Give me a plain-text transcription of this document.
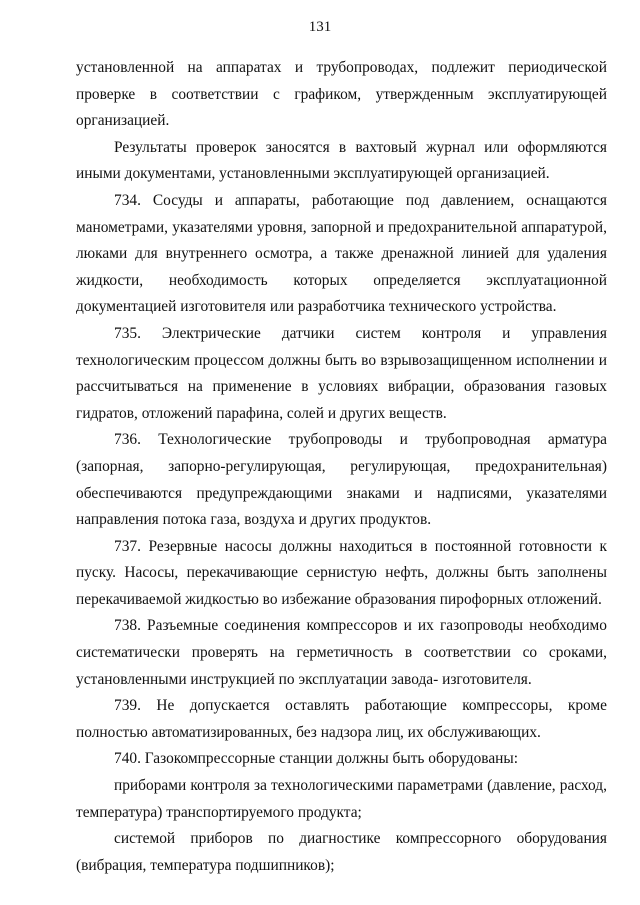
131

установленной на аппаратах и трубопроводах, подлежит периодической проверке в соответствии с графиком, утвержденным эксплуатирующей организацией.

Результаты проверок заносятся в вахтовый журнал или оформляются иными документами, установленными эксплуатирующей организацией.

734. Сосуды и аппараты, работающие под давлением, оснащаются манометрами, указателями уровня, запорной и предохранительной аппаратурой, люками для внутреннего осмотра, а также дренажной линией для удаления жидкости, необходимость которых определяется эксплуатационной документацией изготовителя или разработчика технического устройства.

735. Электрические датчики систем контроля и управления технологическим процессом должны быть во взрывозащищенном исполнении и рассчитываться на применение в условиях вибрации, образования газовых гидратов, отложений парафина, солей и других веществ.

736. Технологические трубопроводы и трубопроводная арматура (запорная, запорно-регулирующая, регулирующая, предохранительная) обеспечиваются предупреждающими знаками и надписями, указателями направления потока газа, воздуха и других продуктов.

737. Резервные насосы должны находиться в постоянной готовности к пуску. Насосы, перекачивающие сернистую нефть, должны быть заполнены перекачиваемой жидкостью во избежание образования пирофорных отложений.

738. Разъемные соединения компрессоров и их газопроводы необходимо систематически проверять на герметичность в соответствии со сроками, установленными инструкцией по эксплуатации завода- изготовителя.

739. Не допускается оставлять работающие компрессоры, кроме полностью автоматизированных, без надзора лиц, их обслуживающих.

740. Газокомпрессорные станции должны быть оборудованы:

приборами контроля за технологическими параметрами (давление, расход, температура) транспортируемого продукта;

системой приборов по диагностике компрессорного оборудования (вибрация, температура подшипников);
